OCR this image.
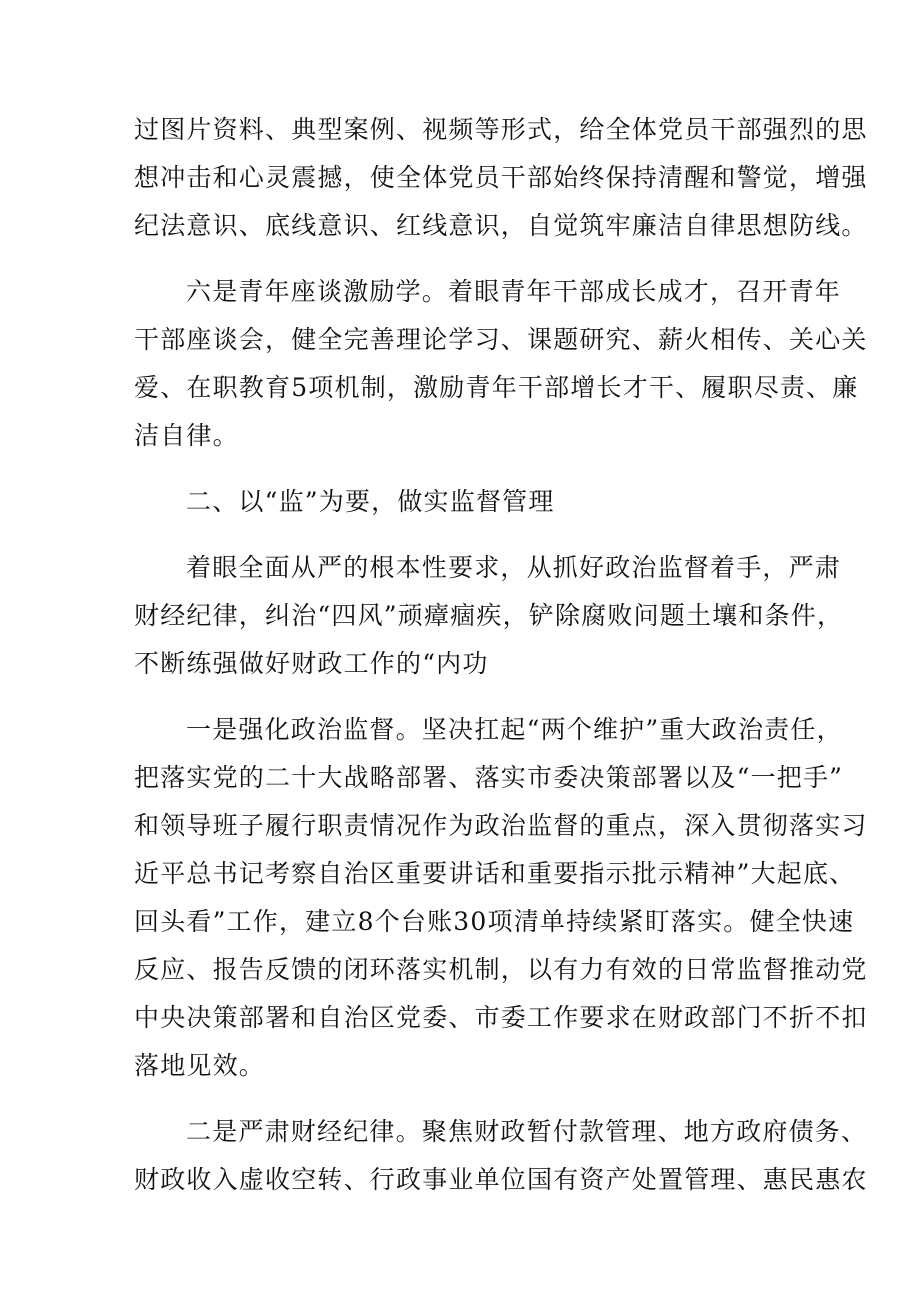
过图片资料、典型案例、视频等形式，给全体党员干部强烈的思
想冲击和心灵震撼，使全体党员干部始终保持清醒和警觉，增强
纪法意识、底线意识、红线意识，自觉筑牢廉洁自律思想防线。
六是青年座谈激励学。着眼青年干部成长成才，召开青年
干部座谈会，健全完善理论学习、课题研究、薪火相传、关心关
爱、在职教育5项机制，激励青年干部增长才干、履职尽责、廉
洁自律。
二、以“监”为要，做实监督管理
着眼全面从严的根本性要求，从抓好政治监督着手，严肃
财经纪律，纠治“四风”顽瘴痼疾，铲除腐败问题土壤和条件，
不断练强做好财政工作的“内功
一是强化政治监督。坚决扛起“两个维护”重大政治责任，
把落实党的二十大战略部署、落实市委决策部署以及“一把手”
和领导班子履行职责情况作为政治监督的重点，深入贯彻落实习
近平总书记考察自治区重要讲话和重要指示批示精神”大起底、
回头看”工作，建立8个台账30项清单持续紧盯落实。健全快速
反应、报告反馈的闭环落实机制，以有力有效的日常监督推动党
中央决策部署和自治区党委、市委工作要求在财政部门不折不扣
落地见效。
二是严肃财经纪律。聚焦财政暂付款管理、地方政府债务、
财政收入虚收空转、行政事业单位国有资产处置管理、惠民惠农
